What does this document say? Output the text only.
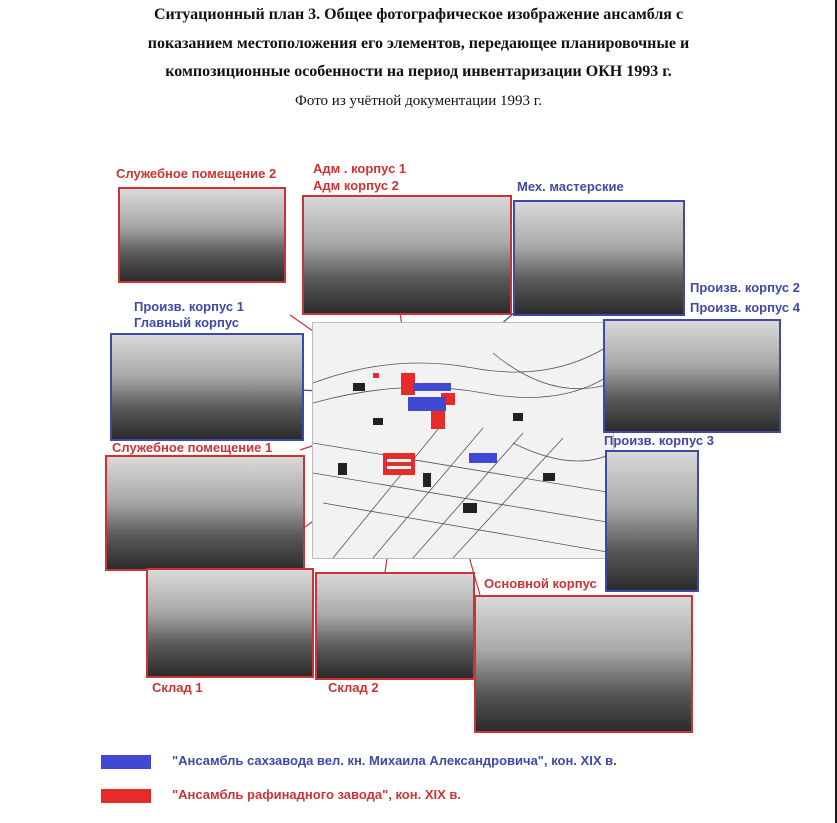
Ситуационный план 3. Общее фотографическое изображение ансамбля с
показанием местоположения его элементов, передающее планировочные и
композиционные особенности на период инвентаризации ОКН 1993 г.
Фото из учётной документации 1993 г.
Служебное помещение 2	Адм . корпус 1
Адм корпус 2	Мех. мастерские
Произв. корпус 2
Произв. корпус 4
Произв. корпус 1
Главный корпус
Служебное помещение 1	Произв. корпус 3
Основной корпус
Склад 1	Склад 2
"Ансамбль сахзавода вел. кн. Михаила Александровича", кон. XIX в.
"Ансамбль рафинадного завода", кон. XIX в.
